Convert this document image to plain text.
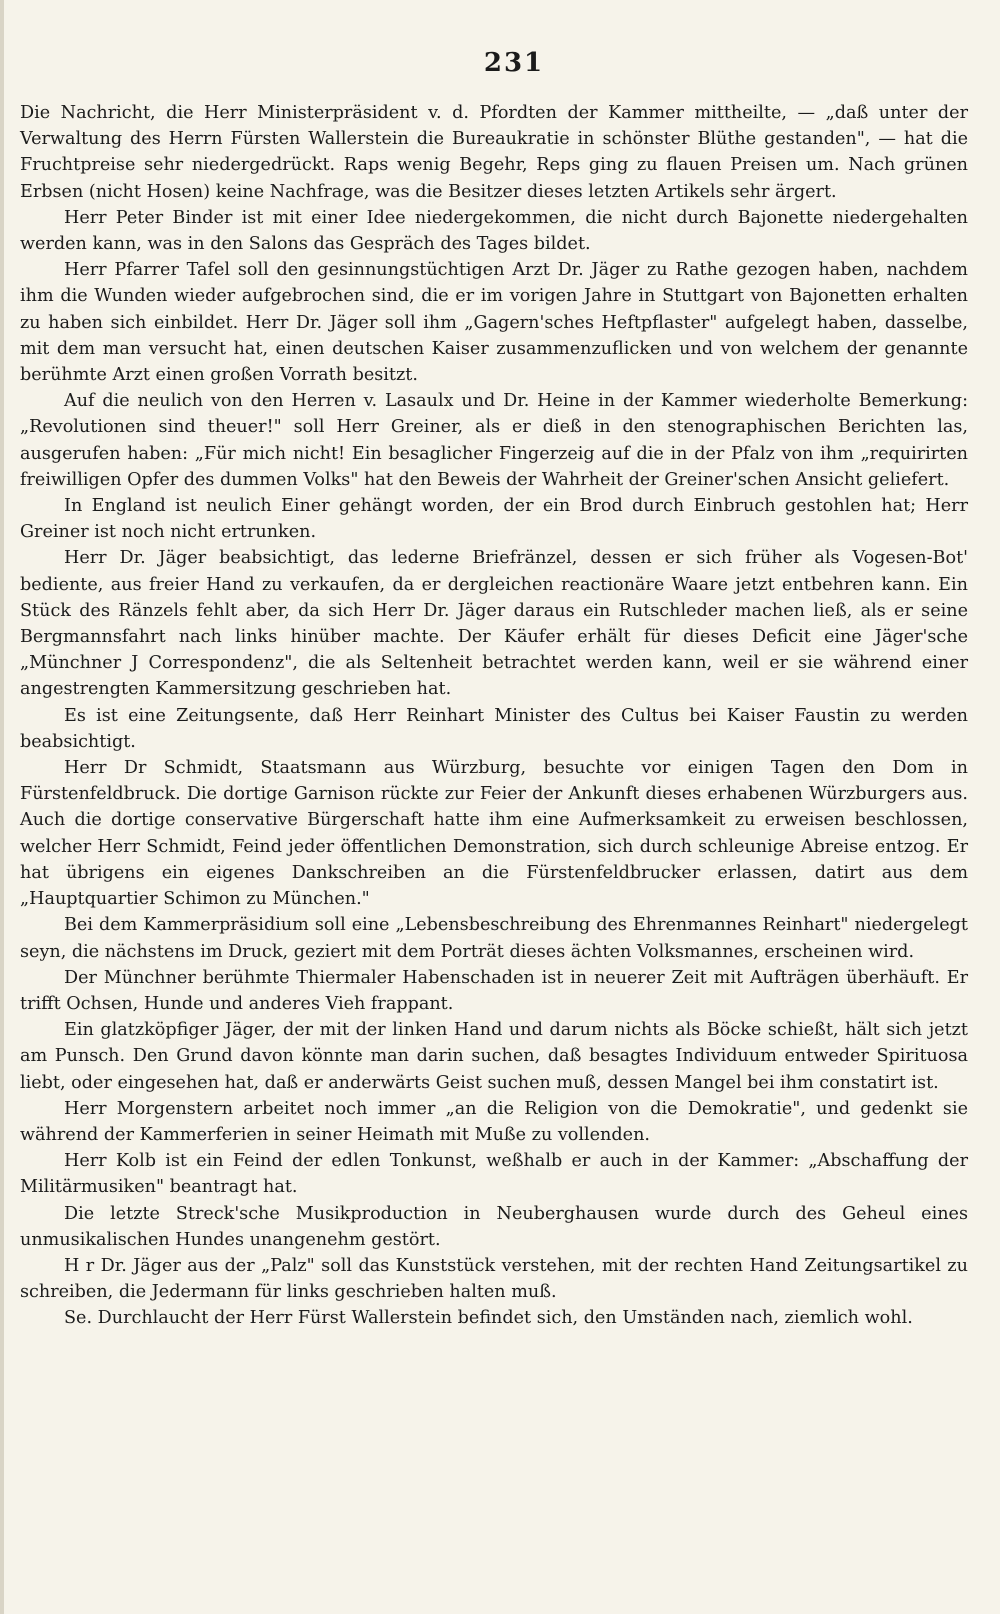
231

Die Nachricht, die Herr Ministerpräsident v. d. Pfordten der Kammer mittheilte, — „daß unter der Verwaltung des Herrn Fürsten Wallerstein die Bureaukratie in schönster Blüthe gestanden", — hat die Fruchtpreise sehr niedergedrückt. Raps wenig Begehr, Reps ging zu flauen Preisen um. Nach grünen Erbsen (nicht Hosen) keine Nachfrage, was die Besitzer dieses letzten Artikels sehr ärgert.

Herr Peter Binder ist mit einer Idee niedergekommen, die nicht durch Bajonette niedergehalten werden kann, was in den Salons das Gespräch des Tages bildet.

Herr Pfarrer Tafel soll den gesinnungstüchtigen Arzt Dr. Jäger zu Rathe gezogen haben, nachdem ihm die Wunden wieder aufgebrochen sind, die er im vorigen Jahre in Stuttgart von Bajonetten erhalten zu haben sich einbildet. Herr Dr. Jäger soll ihm „Gagern'sches Heftpflaster" aufgelegt haben, dasselbe, mit dem man versucht hat, einen deutschen Kaiser zusammenzuflicken und von welchem der genannte berühmte Arzt einen großen Vorrath besitzt.

Auf die neulich von den Herren v. Lasaulx und Dr. Heine in der Kammer wiederholte Bemerkung: „Revolutionen sind theuer!" soll Herr Greiner, als er dieß in den stenographischen Berichten las, ausgerufen haben: „Für mich nicht! Ein besaglicher Fingerzeig auf die in der Pfalz von ihm „requirirten freiwilligen Opfer des dummen Volks" hat den Beweis der Wahrheit der Greiner'schen Ansicht geliefert.

In England ist neulich Einer gehängt worden, der ein Brod durch Einbruch gestohlen hat; Herr Greiner ist noch nicht ertrunken.

Herr Dr. Jäger beabsichtigt, das lederne Briefränzel, dessen er sich früher als Vogesen-Bot' bediente, aus freier Hand zu verkaufen, da er dergleichen reactionäre Waare jetzt entbehren kann. Ein Stück des Ränzels fehlt aber, da sich Herr Dr. Jäger daraus ein Rutschleder machen ließ, als er seine Bergmannsfahrt nach links hinüber machte. Der Käufer erhält für dieses Deficit eine Jäger'sche „Münchner J Correspondenz", die als Seltenheit betrachtet werden kann, weil er sie während einer angestrengten Kammersitzung geschrieben hat.

Es ist eine Zeitungsente, daß Herr Reinhart Minister des Cultus bei Kaiser Faustin zu werden beabsichtigt.

Herr Dr Schmidt, Staatsmann aus Würzburg, besuchte vor einigen Tagen den Dom in Fürstenfeldbruck. Die dortige Garnison rückte zur Feier der Ankunft dieses erhabenen Würzburgers aus. Auch die dortige conservative Bürgerschaft hatte ihm eine Aufmerksamkeit zu erweisen beschlossen, welcher Herr Schmidt, Feind jeder öffentlichen Demonstration, sich durch schleunige Abreise entzog. Er hat übrigens ein eigenes Dankschreiben an die Fürstenfeldbrucker erlassen, datirt aus dem „Hauptquartier Schimon zu München."

Bei dem Kammerpräsidium soll eine „Lebensbeschreibung des Ehrenmannes Reinhart" niedergelegt seyn, die nächstens im Druck, geziert mit dem Porträt dieses ächten Volksmannes, erscheinen wird.

Der Münchner berühmte Thiermaler Habenschaden ist in neuerer Zeit mit Aufträgen überhäuft. Er trifft Ochsen, Hunde und anderes Vieh frappant.

Ein glatzköpfiger Jäger, der mit der linken Hand und darum nichts als Böcke schießt, hält sich jetzt am Punsch. Den Grund davon könnte man darin suchen, daß besagtes Individuum entweder Spirituosa liebt, oder eingesehen hat, daß er anderwärts Geist suchen muß, dessen Mangel bei ihm constatirt ist.

Herr Morgenstern arbeitet noch immer „an die Religion von die Demokratie", und gedenkt sie während der Kammerferien in seiner Heimath mit Muße zu vollenden.

Herr Kolb ist ein Feind der edlen Tonkunst, weßhalb er auch in der Kammer: „Abschaffung der Militärmusiken" beantragt hat.

Die letzte Streck'sche Musikproduction in Neuberghausen wurde durch des Geheul eines unmusikalischen Hundes unangenehm gestört.

H r Dr. Jäger aus der „Palz" soll das Kunststück verstehen, mit der rechten Hand Zeitungsartikel zu schreiben, die Jedermann für links geschrieben halten muß.

Se. Durchlaucht der Herr Fürst Wallerstein befindet sich, den Umständen nach, ziemlich wohl.
